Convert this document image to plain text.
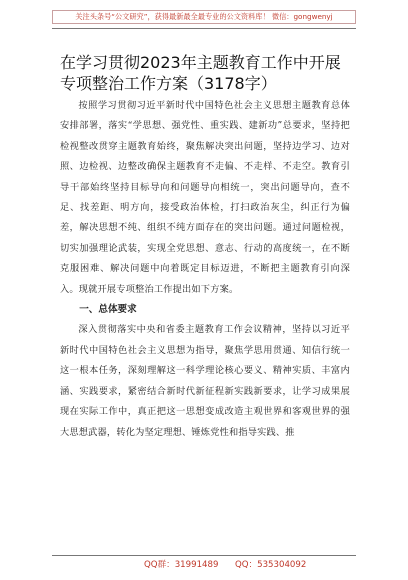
关注头条号“公文研究”，获得最新最全最专业的公文资料库！ 微信：gongwenyj
在学习贯彻2023年主题教育工作中开展专项整治工作方案（3178字）

按照学习贯彻习近平新时代中国特色社会主义思想主题教育总体安排部署，落实“学思想、强党性、重实践、建新功”总要求，坚持把检视整改贯穿主题教育始终，聚焦解决突出问题，坚持边学习、边对照、边检视、边整改确保主题教育不走偏、不走样、不走空。教育引导干部始终坚持目标导向和问题导向相统一，突出问题导向，查不足、找差距、明方向，接受政治体检，打扫政治灰尘，纠正行为偏差，解决思想不纯、组织不纯方面存在的突出问题。通过问题检视，切实加强理论武装，实现全党思想、意志、行动的高度统一，在不断克服困难、解决问题中向着既定目标迈进，不断把主题教育引向深入。现就开展专项整治工作提出如下方案。

一、总体要求

深入贯彻落实中央和省委主题教育工作会议精神，坚持以习近平新时代中国特色社会主义思想为指导，聚焦学思用贯通、知信行统一这一根本任务，深刻理解这一科学理论核心要义、精神实质、丰富内涵、实践要求，紧密结合新时代新征程新实践新要求，让学习成果展现在实际工作中，真正把这一思想变成改造主观世界和客观世界的强大思想武器，转化为坚定理想、锤炼党性和指导实践、推

QQ群：31991489 QQ：535304092
